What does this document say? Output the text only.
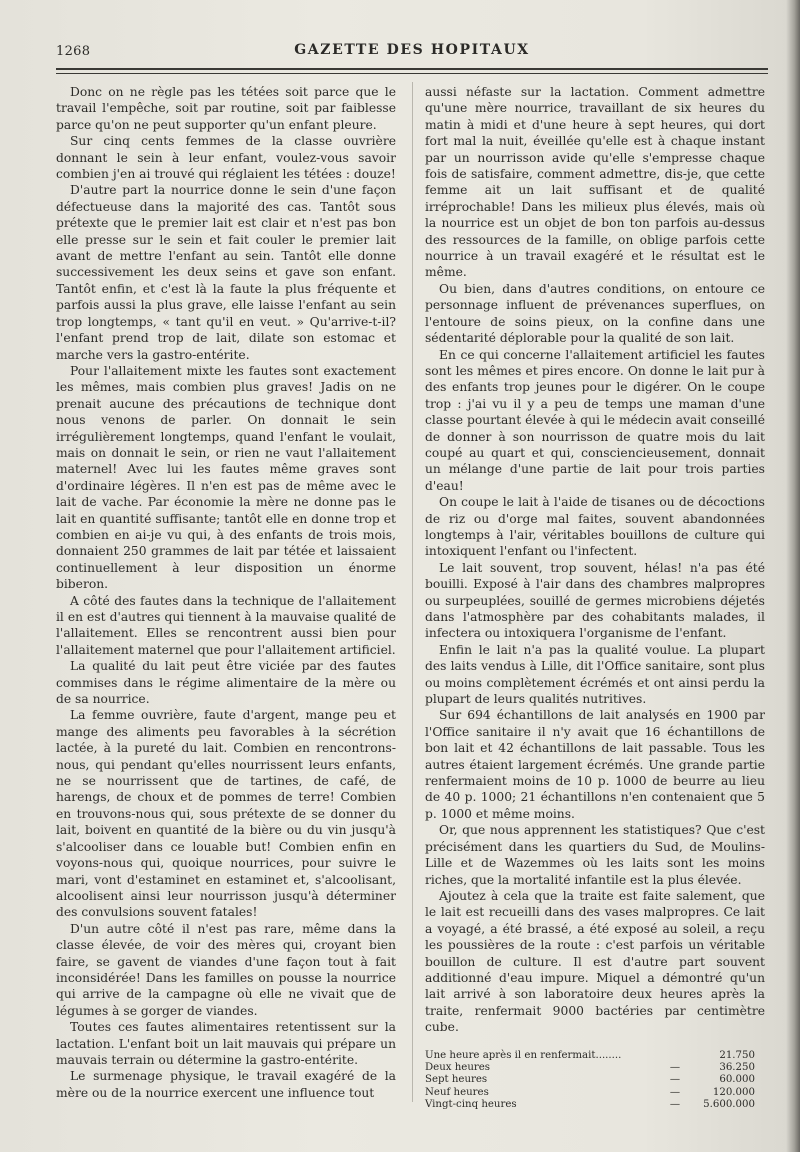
1268	GAZETTE DES HOPITAUX

Donc on ne règle pas les tétées soit parce que le travail l'empêche, soit par routine, soit par faiblesse parce qu'on ne peut supporter qu'un enfant pleure.

Sur cinq cents femmes de la classe ouvrière donnant le sein à leur enfant, voulez-vous savoir combien j'en ai trouvé qui réglaient les tétées : douze!

D'autre part la nourrice donne le sein d'une façon défectueuse dans la majorité des cas. Tantôt sous prétexte que le premier lait est clair et n'est pas bon elle presse sur le sein et fait couler le premier lait avant de mettre l'enfant au sein. Tantôt elle donne successivement les deux seins et gave son enfant. Tantôt enfin, et c'est là la faute la plus fréquente et parfois aussi la plus grave, elle laisse l'enfant au sein trop longtemps, « tant qu'il en veut. » Qu'arrive-t-il? l'enfant prend trop de lait, dilate son estomac et marche vers la gastro-entérite.

Pour l'allaitement mixte les fautes sont exactement les mêmes, mais combien plus graves! Jadis on ne prenait aucune des précautions de technique dont nous venons de parler. On donnait le sein irrégulièrement longtemps, quand l'enfant le voulait, mais on donnait le sein, or rien ne vaut l'allaitement maternel! Avec lui les fautes même graves sont d'ordinaire légères. Il n'en est pas de même avec le lait de vache. Par économie la mère ne donne pas le lait en quantité suffisante; tantôt elle en donne trop et combien en ai-je vu qui, à des enfants de trois mois, donnaient 250 grammes de lait par tétée et laissaient continuellement à leur disposition un énorme biberon.

A côté des fautes dans la technique de l'allaitement il en est d'autres qui tiennent à la mauvaise qualité de l'allaitement. Elles se rencontrent aussi bien pour l'allaitement maternel que pour l'allaitement artificiel.

La qualité du lait peut être viciée par des fautes commises dans le régime alimentaire de la mère ou de sa nourrice.

La femme ouvrière, faute d'argent, mange peu et mange des aliments peu favorables à la sécrétion lactée, à la pureté du lait. Combien en rencontrons-nous, qui pendant qu'elles nourrissent leurs enfants, ne se nourrissent que de tartines, de café, de harengs, de choux et de pommes de terre! Combien en trouvons-nous qui, sous prétexte de se donner du lait, boivent en quantité de la bière ou du vin jusqu'à s'alcooliser dans ce louable but! Combien enfin en voyons-nous qui, quoique nourrices, pour suivre le mari, vont d'estaminet en estaminet et, s'alcoolisant, alcoolisent ainsi leur nourrisson jusqu'à déterminer des convulsions souvent fatales!

D'un autre côté il n'est pas rare, même dans la classe élevée, de voir des mères qui, croyant bien faire, se gavent de viandes d'une façon tout à fait inconsidérée! Dans les familles on pousse la nourrice qui arrive de la campagne où elle ne vivait que de légumes à se gorger de viandes.

Toutes ces fautes alimentaires retentissent sur la lactation. L'enfant boit un lait mauvais qui prépare un mauvais terrain ou détermine la gastro-entérite.

Le surmenage physique, le travail exagéré de la mère ou de la nourrice exercent une influence tout

aussi néfaste sur la lactation. Comment admettre qu'une mère nourrice, travaillant de six heures du matin à midi et d'une heure à sept heures, qui dort fort mal la nuit, éveillée qu'elle est à chaque instant par un nourrisson avide qu'elle s'empresse chaque fois de satisfaire, comment admettre, dis-je, que cette femme ait un lait suffisant et de qualité irréprochable! Dans les milieux plus élevés, mais où la nourrice est un objet de bon ton parfois au-dessus des ressources de la famille, on oblige parfois cette nourrice à un travail exagéré et le résultat est le même.

Ou bien, dans d'autres conditions, on entoure ce personnage influent de prévenances superflues, on l'entoure de soins pieux, on la confine dans une sédentarité déplorable pour la qualité de son lait.

En ce qui concerne l'allaitement artificiel les fautes sont les mêmes et pires encore. On donne le lait pur à des enfants trop jeunes pour le digérer. On le coupe trop : j'ai vu il y a peu de temps une maman d'une classe pourtant élevée à qui le médecin avait conseillé de donner à son nourrisson de quatre mois du lait coupé au quart et qui, consciencieusement, donnait un mélange d'une partie de lait pour trois parties d'eau!

On coupe le lait à l'aide de tisanes ou de décoctions de riz ou d'orge mal faites, souvent abandonnées longtemps à l'air, véritables bouillons de culture qui intoxiquent l'enfant ou l'infectent.

Le lait souvent, trop souvent, hélas! n'a pas été bouilli. Exposé à l'air dans des chambres malpropres ou surpeuplées, souillé de germes microbiens déjetés dans l'atmosphère par des cohabitants malades, il infectera ou intoxiquera l'organisme de l'enfant.

Enfin le lait n'a pas la qualité voulue. La plupart des laits vendus à Lille, dit l'Office sanitaire, sont plus ou moins complètement écrémés et ont ainsi perdu la plupart de leurs qualités nutritives.

Sur 694 échantillons de lait analysés en 1900 par l'Office sanitaire il n'y avait que 16 échantillons de bon lait et 42 échantillons de lait passable. Tous les autres étaient largement écrémés. Une grande partie renfermaient moins de 10 p. 1000 de beurre au lieu de 40 p. 1000; 21 échantillons n'en contenaient que 5 p. 1000 et même moins.

Or, que nous apprennent les statistiques? Que c'est précisément dans les quartiers du Sud, de Moulins-Lille et de Wazemmes où les laits sont les moins riches, que la mortalité infantile est la plus élevée.

Ajoutez à cela que la traite est faite salement, que le lait est recueilli dans des vases malpropres. Ce lait a voyagé, a été brassé, a été exposé au soleil, a reçu les poussières de la route : c'est parfois un véritable bouillon de culture. Il est d'autre part souvent additionné d'eau impure. Miquel a démontré qu'un lait arrivé à son laboratoire deux heures après la traite, renfermait 9000 bactéries par centimètre cube.

Une heure après il en renfermait........	21.750
Deux heures	—	36.250
Sept heures	—	60.000
Neuf heures	—	120.000
Vingt-cinq heures	—	5.600.000
